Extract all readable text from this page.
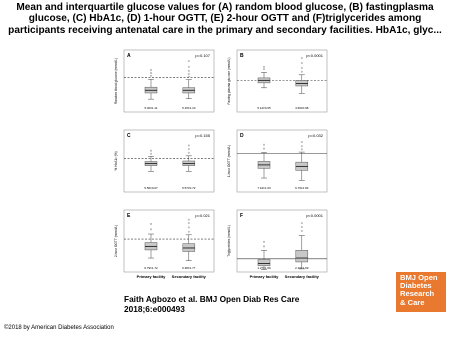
Mean and interquartile glucose values for (A) random blood glucose, (B) fastingplasma glucose, (C) HbA1c, (D) 1-hour OGTT, (E) 2-hour OGTT and (F)triglycerides among participants receiving antenatal care in the primary and secondary facilities. HbA1c, glyc...
A	p=0.107
Random blood glucose (mmol/L)
5.00±1.11	5.15±1.10
B	p<0.0001
Fasting plasma glucose (mmol/L)
5.12±0.65	4.69±0.98
C	p=0.155
% HbA1c (%)
5.50±0.67	5.57±0.72
D	p=0.032
1-hour OGTT (mmol/L)
7.10±1.63	6.79±1.83
E	p=0.021
2-hour OGTT (mmol/L)
6.79±1.72	6.38±1.77
Primary facility Secondary facility
F	p<0.0001
Triglycerides (mmol/L)
1.27±1.69	2.19±1.69
Primary facility Secondary facility
Faith Agbozo et al. BMJ Open Diab Res Care
2018;6:e000493
©2018 by American Diabetes Association
BMJ Open
Diabetes
Research
& Care
